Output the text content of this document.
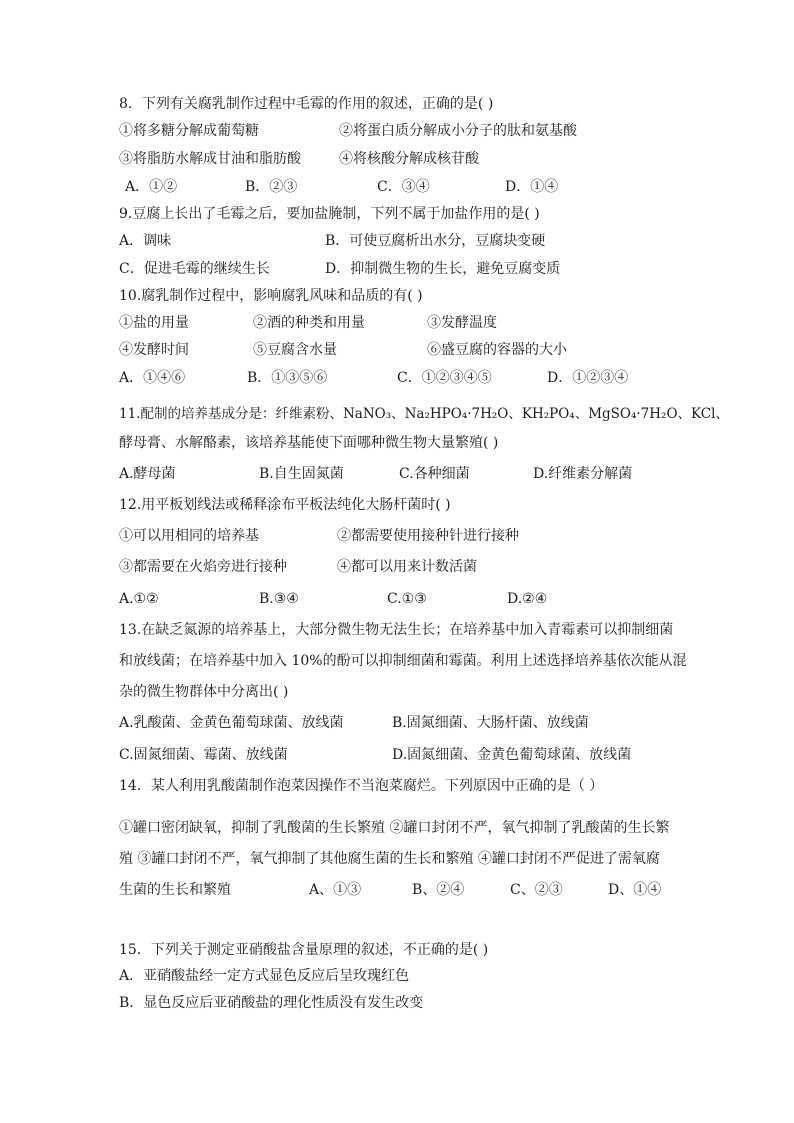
8．下列有关腐乳制作过程中毛霉的作用的叙述，正确的是( )
①将多糖分解成葡萄糖	②将蛋白质分解成小分子的肽和氨基酸
③将脂肪水解成甘油和脂肪酸	④将核酸分解成核苷酸
A．①②	B．②③	C．③④	D．①④
9.豆腐上长出了毛霉之后，要加盐腌制，下列不属于加盐作用的是( )
A．调味	B．可使豆腐析出水分，豆腐块变硬
C．促进毛霉的继续生长	D．抑制微生物的生长，避免豆腐变质
10.腐乳制作过程中，影响腐乳风味和品质的有( )
①盐的用量	②酒的种类和用量	③发酵温度
④发酵时间	⑤豆腐含水量	⑥盛豆腐的容器的大小
A．①④⑥	B．①③⑤⑥	C．①②③④⑤	D．①②③④
11.配制的培养基成分是：纤维素粉、NaNO₃、Na₂HPO₄·7H₂O、KH₂PO₄、MgSO₄·7H₂O、KCl、
酵母膏、水解酪素，该培养基能使下面哪种微生物大量繁殖( )
A.酵母菌	B.自生固氮菌	C.各种细菌	D.纤维素分解菌
12.用平板划线法或稀释涂布平板法纯化大肠杆菌时( )
①可以用相同的培养基	②都需要使用接种针进行接种
③都需要在火焰旁进行接种	④都可以用来计数活菌
A.①②	B.③④	C.①③	D.②④
13.在缺乏氮源的培养基上，大部分微生物无法生长；在培养基中加入青霉素可以抑制细菌
和放线菌；在培养基中加入 10%的酚可以抑制细菌和霉菌。利用上述选择培养基依次能从混
杂的微生物群体中分离出( )
A.乳酸菌、金黄色葡萄球菌、放线菌	B.固氮细菌、大肠杆菌、放线菌
C.固氮细菌、霉菌、放线菌	D.固氮细菌、金黄色葡萄球菌、放线菌
14．某人利用乳酸菌制作泡菜因操作不当泡菜腐烂。下列原因中正确的是（ ）
①罐口密闭缺氧，抑制了乳酸菌的生长繁殖 ②罐口封闭不严，氧气抑制了乳酸菌的生长繁
殖 ③罐口封闭不严，氧气抑制了其他腐生菌的生长和繁殖 ④罐口封闭不严促进了需氧腐
生菌的生长和繁殖	A、①③	B、②④	C、②③	D、①④
15．下列关于测定亚硝酸盐含量原理的叙述，不正确的是( )
A．亚硝酸盐经一定方式显色反应后呈玫瑰红色
B．显色反应后亚硝酸盐的理化性质没有发生改变
